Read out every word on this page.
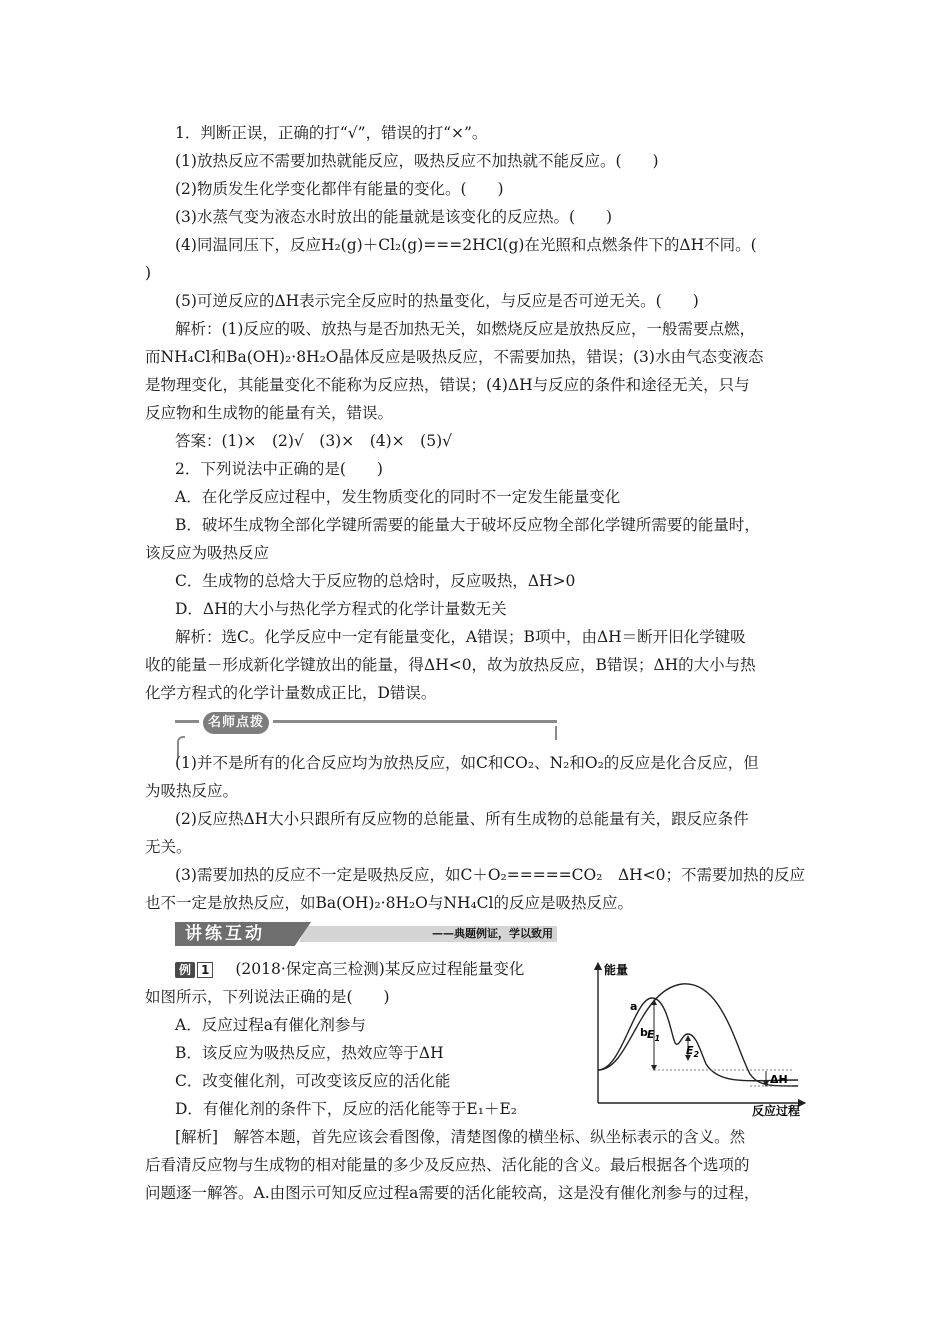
1．判断正误，正确的打“√”，错误的打“×”。
(1)放热反应不需要加热就能反应，吸热反应不加热就不能反应。(　　)
(2)物质发生化学变化都伴有能量的变化。(　　)
(3)水蒸气变为液态水时放出的能量就是该变化的反应热。(　　)
(4)同温同压下，反应H₂(g)＋Cl₂(g)===2HCl(g)在光照和点燃条件下的ΔH不同。(
)
(5)可逆反应的ΔH表示完全反应时的热量变化，与反应是否可逆无关。(　　)
解析：(1)反应的吸、放热与是否加热无关，如燃烧反应是放热反应，一般需要点燃，
而NH₄Cl和Ba(OH)₂·8H₂O晶体反应是吸热反应，不需要加热，错误；(3)水由气态变液态
是物理变化，其能量变化不能称为反应热，错误；(4)ΔH与反应的条件和途径无关，只与
反应物和生成物的能量有关，错误。
答案：(1)×　(2)√　(3)×　(4)×　(5)√
2．下列说法中正确的是(　　)
A．在化学反应过程中，发生物质变化的同时不一定发生能量变化
B．破坏生成物全部化学键所需要的能量大于破坏反应物全部化学键所需要的能量时，
该反应为吸热反应
C．生成物的总焓大于反应物的总焓时，反应吸热，ΔH>0
D．ΔH的大小与热化学方程式的化学计量数无关
解析：选C。化学反应中一定有能量变化，A错误；B项中，由ΔH＝断开旧化学键吸
收的能量－形成新化学键放出的能量，得ΔH<0，故为放热反应，B错误；ΔH的大小与热
化学方程式的化学计量数成正比，D错误。
名师点拨
(1)并不是所有的化合反应均为放热反应，如C和CO₂、N₂和O₂的反应是化合反应，但
为吸热反应。
(2)反应热ΔH大小只跟所有反应物的总能量、所有生成物的总能量有关，跟反应条件
无关。
(3)需要加热的反应不一定是吸热反应，如C＋O₂=====CO₂　ΔH<0；不需要加热的反应
也不一定是放热反应，如Ba(OH)₂·8H₂O与NH₄Cl的反应是吸热反应。
讲练互动	——典题例证，学以致用
例 1 (2018·保定高三检测)某反应过程能量变化
如图所示，下列说法正确的是(　　)
A．反应过程a有催化剂参与
B．该反应为吸热反应，热效应等于ΔH
C．改变催化剂，可改变该反应的活化能
D．有催化剂的条件下，反应的活化能等于E₁＋E₂
[解析]　解答本题，首先应该会看图像，清楚图像的横坐标、纵坐标表示的含义。然
后看清反应物与生成物的相对能量的多少及反应热、活化能的含义。最后根据各个选项的
问题逐一解答。A.由图示可知反应过程a需要的活化能较高，这是没有催化剂参与的过程，
能量
a
b $E_1$
$E_2$
ΔH
反应过程
